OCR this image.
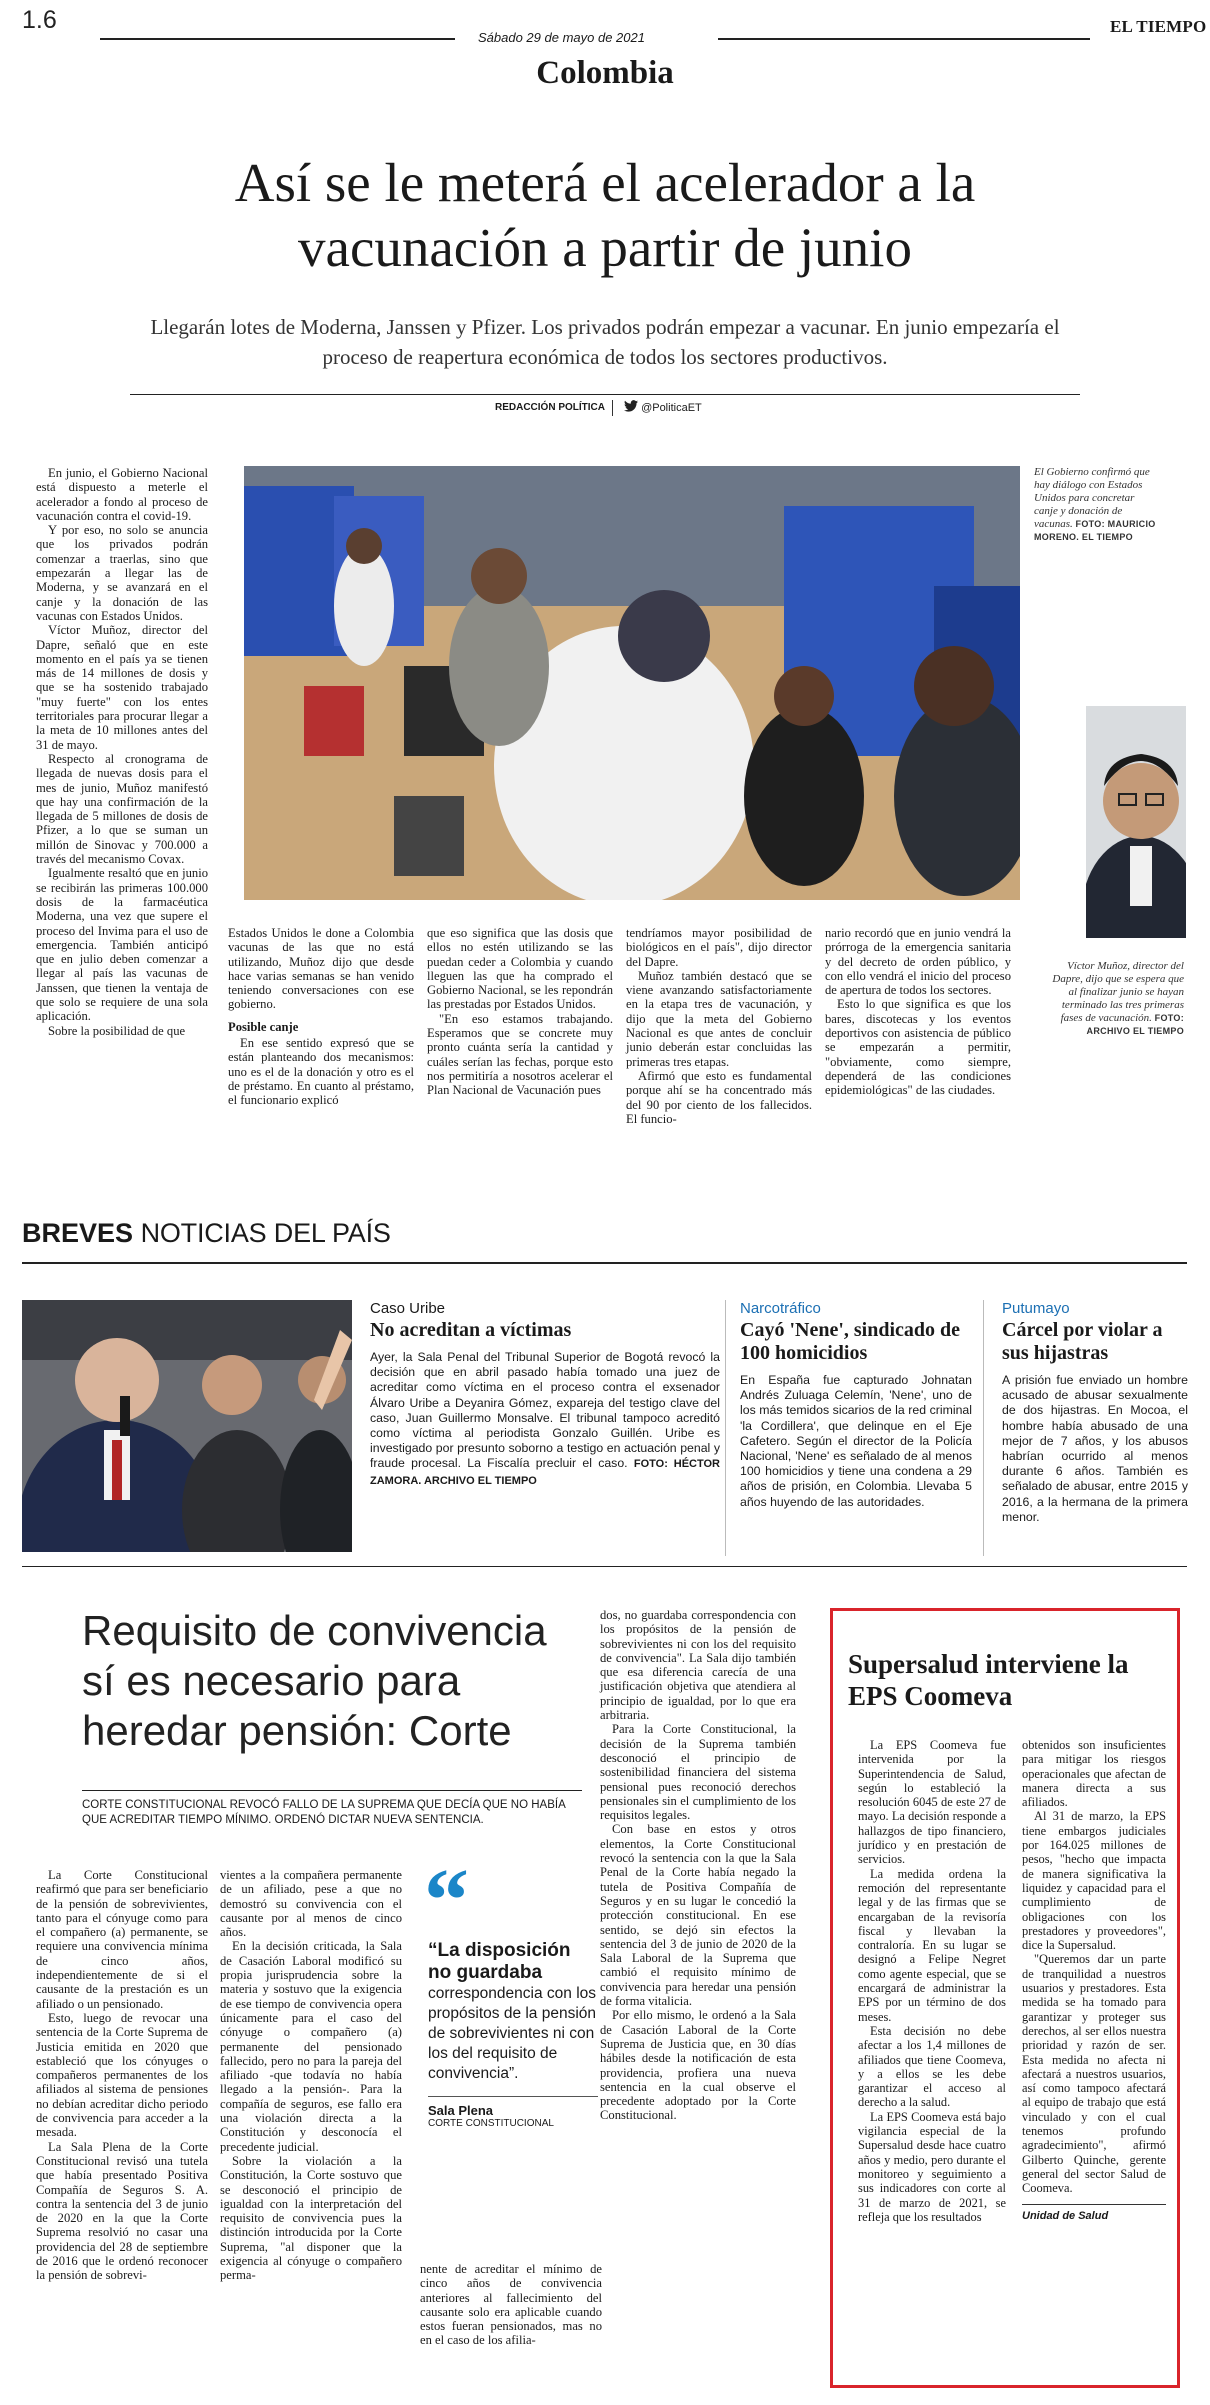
1.6
Sábado 29 de mayo de 2021
EL TIEMPO
Colombia
Así se le meterá el acelerador a la vacunación a partir de junio
Llegarán lotes de Moderna, Janssen y Pfizer. Los privados podrán empezar a vacunar. En junio empezaría el proceso de reapertura económica de todos los sectores productivos.
REDACCIÓN POLÍTICA	@PoliticaET

En junio, el Gobierno Nacional está dispuesto a meterle el acelerador a fondo al proceso de vacunación contra el covid-19.

Y por eso, no solo se anuncia que los privados podrán comenzar a traerlas, sino que empezarán a llegar las de Moderna, y se avanzará en el canje y la donación de las vacunas con Estados Unidos.

Víctor Muñoz, director del Dapre, señaló que en este momento en el país ya se tienen más de 14 millones de dosis y que se ha sostenido trabajado "muy fuerte" con los entes territoriales para procurar llegar a la meta de 10 millones antes del 31 de mayo.

Respecto al cronograma de llegada de nuevas dosis para el mes de junio, Muñoz manifestó que hay una confirmación de la llegada de 5 millones de dosis de Pfizer, a lo que se suman un millón de Sinovac y 700.000 a través del mecanismo Covax.

Igualmente resaltó que en junio se recibirán las primeras 100.000 dosis de la farmacéutica Moderna, una vez que supere el proceso del Invima para el uso de emergencia. También anticipó que en julio deben comenzar a llegar al país las vacunas de Janssen, que tienen la ventaja de que solo se requiere de una sola aplicación.

Sobre la posibilidad de que

El Gobierno confirmó que hay diálogo con Estados Unidos para concretar canje y donación de vacunas. FOTO: MAURICIO MORENO. EL TIEMPO
Víctor Muñoz, director del Dapre, dijo que se espera que al finalizar junio se hayan terminado las tres primeras fases de vacunación. FOTO: ARCHIVO EL TIEMPO

Estados Unidos le done a Colombia vacunas de las que no está utilizando, Muñoz dijo que desde hace varias semanas se han venido teniendo conversaciones con ese gobierno.

Posible canje

En ese sentido expresó que se están planteando dos mecanismos: uno es el de la donación y otro es el de préstamo. En cuanto al préstamo, el funcionario explicó

que eso significa que las dosis que ellos no estén utilizando se las puedan ceder a Colombia y cuando lleguen las que ha comprado el Gobierno Nacional, se les repondrán las prestadas por Estados Unidos.

"En eso estamos trabajando. Esperamos que se concrete muy pronto cuánta sería la cantidad y cuáles serían las fechas, porque esto nos permitiría a nosotros acelerar el Plan Nacional de Vacunación pues

tendríamos mayor posibilidad de biológicos en el país", dijo director del Dapre.

Muñoz también destacó que se viene avanzando satisfactoriamente en la etapa tres de vacunación, y dijo que la meta del Gobierno Nacional es que antes de concluir junio deberán estar concluidas las primeras tres etapas.

Afirmó que esto es fundamental porque ahí se ha concentrado más del 90 por ciento de los fallecidos. El funcio-

nario recordó que en junio vendrá la prórroga de la emergencia sanitaria y del decreto de orden público, y con ello vendrá el inicio del proceso de apertura de todos los sectores.

Esto lo que significa es que los bares, discotecas y los eventos deportivos con asistencia de público se empezarán a permitir, "obviamente, como siempre, dependerá de las condiciones epidemiológicas" de las ciudades.

BREVES NOTICIAS DEL PAÍS
Caso Uribe
No acreditan a víctimas
Ayer, la Sala Penal del Tribunal Superior de Bogotá revocó la decisión que en abril pasado había tomado una juez de acreditar como víctima en el proceso contra el exsenador Álvaro Uribe a Deyanira Gómez, expareja del testigo clave del caso, Juan Guillermo Monsalve. El tribunal tampoco acreditó como víctima al periodista Gonzalo Guillén. Uribe es investigado por presunto soborno a testigo en actuación penal y fraude procesal. La Fiscalía precluir el caso. FOTO: HÉCTOR ZAMORA. ARCHIVO EL TIEMPO
Narcotráfico
Cayó 'Nene', sindicado de 100 homicidios
En España fue capturado Johnatan Andrés Zuluaga Celemín, 'Nene', uno de los más temidos sicarios de la red criminal 'la Cordillera', que delinque en el Eje Cafetero. Según el director de la Policía Nacional, 'Nene' es señalado de al menos 100 homicidios y tiene una condena a 29 años de prisión, en Colombia. Llevaba 5 años huyendo de las autoridades.
Putumayo
Cárcel por violar a sus hijastras
A prisión fue enviado un hombre acusado de abusar sexualmente de dos hijastras. En Mocoa, el hombre había abusado de una mejor de 7 años, y los abusos habrían ocurrido al menos durante 6 años. También es señalado de abusar, entre 2015 y 2016, a la hermana de la primera menor.
Requisito de convivencia sí es necesario para heredar pensión: Corte
CORTE CONSTITUCIONAL REVOCÓ FALLO DE LA SUPREMA QUE DECÍA QUE NO HABÍA QUE ACREDITAR TIEMPO MÍNIMO. ORDENÓ DICTAR NUEVA SENTENCIA.

La Corte Constitucional reafirmó que para ser beneficiario de la pensión de sobrevivientes, tanto para el cónyuge como para el compañero (a) permanente, se requiere una convivencia mínima de cinco años, independientemente de si el causante de la prestación es un afiliado o un pensionado.

Esto, luego de revocar una sentencia de la Corte Suprema de Justicia emitida en 2020 que estableció que los cónyuges o compañeros permanentes de los afiliados al sistema de pensiones no debían acreditar dicho periodo de convivencia para acceder a la mesada.

La Sala Plena de la Corte Constitucional revisó una tutela que había presentado Positiva Compañía de Seguros S. A. contra la sentencia del 3 de junio de 2020 en la que la Corte Suprema resolvió no casar una providencia del 28 de septiembre de 2016 que le ordenó reconocer la pensión de sobrevi-

vientes a la compañera permanente de un afiliado, pese a que no demostró su convivencia con el causante por al menos de cinco años.

En la decisión criticada, la Sala de Casación Laboral modificó su propia jurisprudencia sobre la materia y sostuvo que la exigencia de ese tiempo de convivencia opera únicamente para el caso del cónyuge o compañero (a) permanente del pensionado fallecido, pero no para la pareja del afiliado -que todavía no había llegado a la pensión-. Para la compañía de seguros, ese fallo era una violación directa a la Constitución y desconocía el precedente judicial.

Sobre la violación a la Constitución, la Corte sostuvo que se desconoció el principio de igualdad con la interpretación del requisito de convivencia pues la distinción introducida por la Corte Suprema, "al disponer que la exigencia al cónyuge o compañero perma-

“
“La disposición no guardaba
correspondencia con los propósitos de la pensión de sobrevivientes ni con los del requisito de convivencia”.
Sala Plena
CORTE CONSTITUCIONAL

nente de acreditar el mínimo de cinco años de convivencia anteriores al fallecimiento del causante solo era aplicable cuando estos fueran pensionados, mas no en el caso de los afilia-

dos, no guardaba correspondencia con los propósitos de la pensión de sobrevivientes ni con los del requisito de convivencia". La Sala dijo también que esa diferencia carecía de una justificación objetiva que atendiera al principio de igualdad, por lo que era arbitraria.

Para la Corte Constitucional, la decisión de la Suprema también desconoció el principio de sostenibilidad financiera del sistema pensional pues reconoció derechos pensionales sin el cumplimiento de los requisitos legales.

Con base en estos y otros elementos, la Corte Constitucional revocó la sentencia con la que la Sala Penal de la Corte había negado la tutela de Positiva Compañía de Seguros y en su lugar le concedió la protección constitucional. En ese sentido, se dejó sin efectos la sentencia del 3 de junio de 2020 de la Sala Laboral de la Suprema que cambió el requisito mínimo de convivencia para heredar una pensión de forma vitalicia.

Por ello mismo, le ordenó a la Sala de Casación Laboral de la Corte Suprema de Justicia que, en 30 días hábiles desde la notificación de esta providencia, profiera una nueva sentencia en la cual observe el precedente adoptado por la Corte Constitucional.

Supersalud interviene la EPS Coomeva

La EPS Coomeva fue intervenida por la Superintendencia de Salud, según lo estableció la resolución 6045 de este 27 de mayo. La decisión responde a hallazgos de tipo financiero, jurídico y en prestación de servicios.

La medida ordena la remoción del representante legal y de las firmas que se encargaban de la revisoría fiscal y llevaban la contraloría. En su lugar se designó a Felipe Negret como agente especial, que se encargará de administrar la EPS por un término de dos meses.

Esta decisión no debe afectar a los 1,4 millones de afiliados que tiene Coomeva, y a ellos se les debe garantizar el acceso al derecho a la salud.

La EPS Coomeva está bajo vigilancia especial de la Supersalud desde hace cuatro años y medio, pero durante el monitoreo y seguimiento a sus indicadores con corte al 31 de marzo de 2021, se refleja que los resultados

obtenidos son insuficientes para mitigar los riesgos operacionales que afectan de manera directa a sus afiliados.

Al 31 de marzo, la EPS tiene embargos judiciales por 164.025 millones de pesos, "hecho que impacta de manera significativa la liquidez y capacidad para el cumplimiento de obligaciones con los prestadores y proveedores", dice la Supersalud.

"Queremos dar un parte de tranquilidad a nuestros usuarios y prestadores. Esta medida se ha tomado para garantizar y proteger sus derechos, al ser ellos nuestra prioridad y razón de ser. Esta medida no afecta ni afectará a nuestros usuarios, así como tampoco afectará al equipo de trabajo que está vinculado y con el cual tenemos profundo agradecimiento", afirmó Gilberto Quinche, gerente general del sector Salud de Coomeva.

Unidad de Salud
